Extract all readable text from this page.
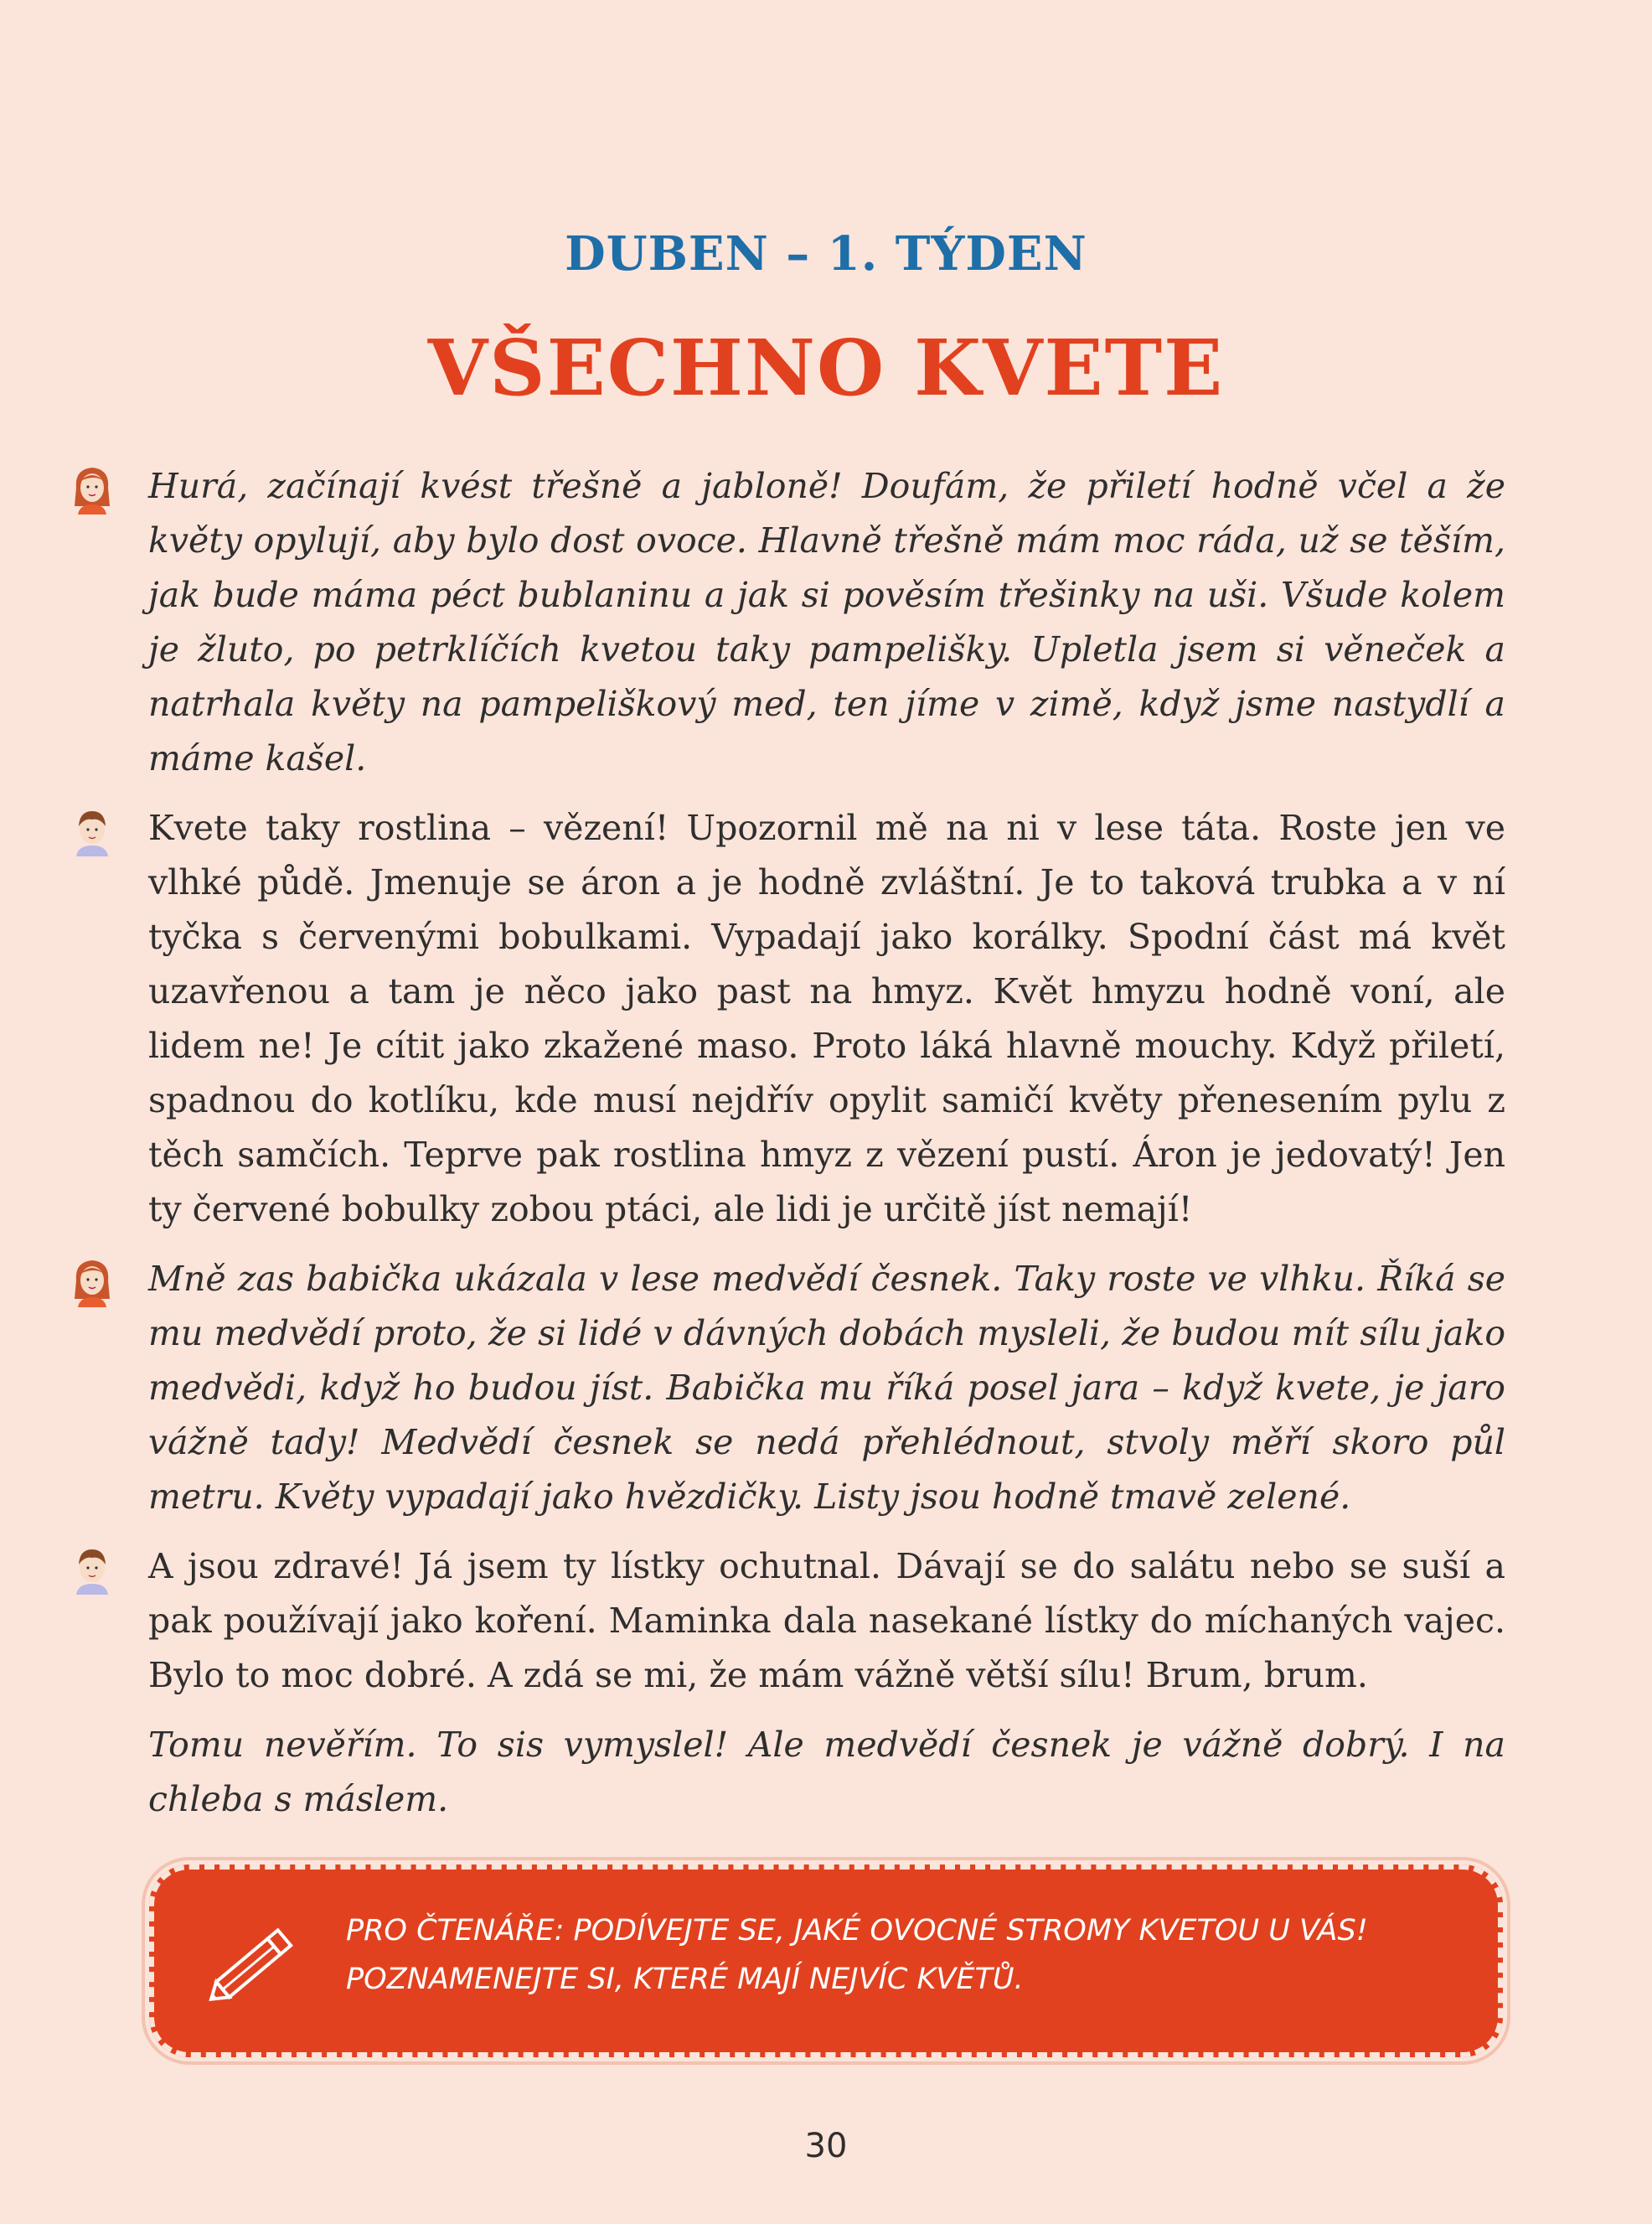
DUBEN – 1. TÝDEN
VŠECHNO KVETE
Hurá, začínají kvést třešně a jabloně! Doufám, že přiletí hodně včel a že květy opylují, aby bylo dost ovoce. Hlavně třešně mám moc ráda, už se těším, jak bude máma péct bublaninu a jak si pověsím třešinky na uši. Všude kolem je žluto, po petrklíčích kvetou taky pampelišky. Upletla jsem si věneček a natrhala květy na pampeliškový med, ten jíme v zimě, když jsme nastydlí a máme kašel.
Kvete taky rostlina – vězení! Upozornil mě na ni v lese táta. Roste jen ve vlhké půdě. Jmenuje se áron a je hodně zvláštní. Je to taková trubka a v ní tyčka s červenými bobulkami. Vypadají jako korálky. Spodní část má květ uzavřenou a tam je něco jako past na hmyz. Květ hmyzu hodně voní, ale lidem ne! Je cítit jako zkažené maso. Proto láká hlavně mouchy. Když přiletí, spadnou do kotlíku, kde musí nejdřív opylit samičí květy přenesením pylu z těch samčích. Teprve pak rostlina hmyz z vězení pustí. Áron je jedovatý! Jen ty červené bobulky zobou ptáci, ale lidi je určitě jíst nemají!
Mně zas babička ukázala v lese medvědí česnek. Taky roste ve vlhku. Říká se mu medvědí proto, že si lidé v dávných dobách mysleli, že budou mít sílu jako medvědi, když ho budou jíst. Babička mu říká posel jara – když kvete, je jaro vážně tady! Medvědí česnek se nedá přehlédnout, stvoly měří skoro půl metru. Květy vypadají jako hvězdičky. Listy jsou hodně tmavě zelené.
A jsou zdravé! Já jsem ty lístky ochutnal. Dávají se do salátu nebo se suší a pak používají jako koření. Maminka dala nasekané lístky do míchaných vajec. Bylo to moc dobré. A zdá se mi, že mám vážně větší sílu! Brum, brum.
Tomu nevěřím. To sis vymyslel! Ale medvědí česnek je vážně dobrý. I na chleba s máslem.
PRO ČTENÁŘE: PODÍVEJTE SE, JAKÉ OVOCNÉ STROMY KVETOU U VÁS!
POZNAMENEJTE SI, KTERÉ MAJÍ NEJVÍC KVĚTŮ.
30
